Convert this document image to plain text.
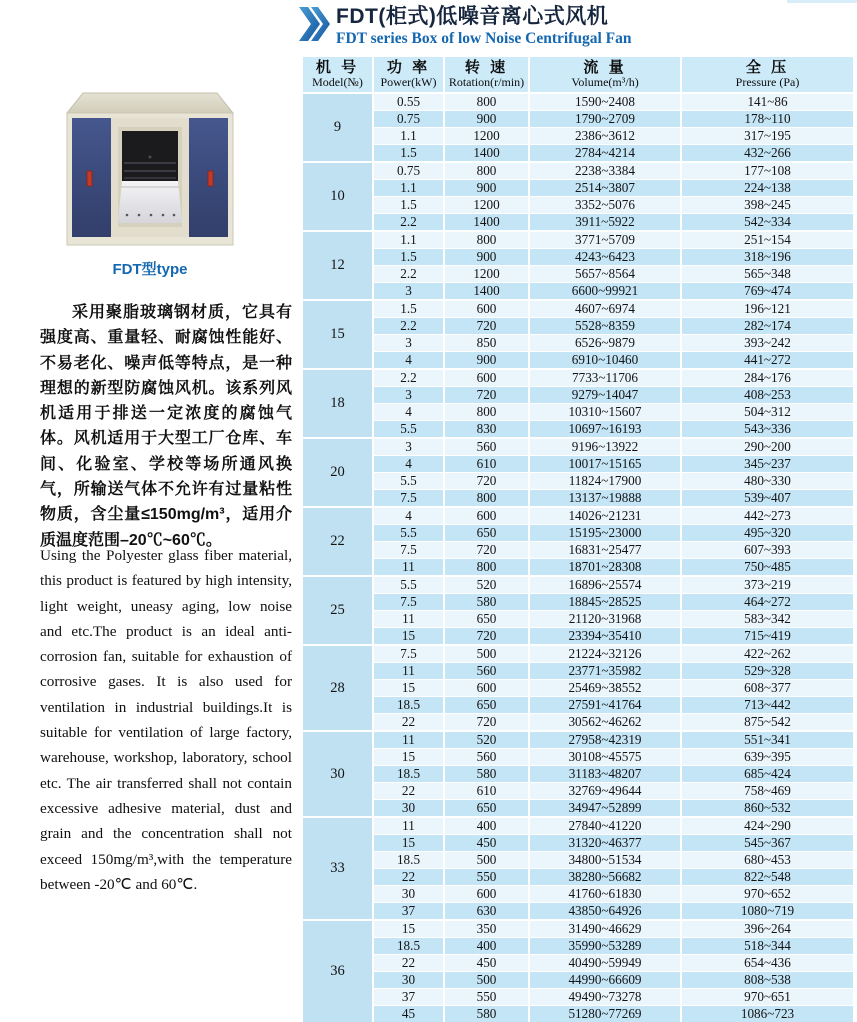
FDT(柜式)低噪音离心式风机
FDT series Box of low Noise Centrifugal Fan
FDT型type

采用聚脂玻璃钢材质，它具有强度高、重量轻、耐腐蚀性能好、不易老化、噪声低等特点，是一种理想的新型防腐蚀风机。该系列风机适用于排送一定浓度的腐蚀气体。风机适用于大型工厂仓库、车间、化验室、学校等场所通风换气，所输送气体不允许有过量粘性物质，含尘量≤150mg/m³，适用介质温度范围–20℃~60℃。

Using the Polyester glass fiber material, this product is featured by high intensity, light weight, uneasy aging, low noise and etc.The product is an ideal anti-corrosion fan, suitable for exhaustion of corrosive gases. It is also used for ventilation in industrial buildings.It is suitable for ventilation of large factory, warehouse, workshop, laboratory, school etc. The air transferred shall not contain excessive adhesive material, dust and grain and the concentration shall not exceed 150mg/m³,with the temperature between -20℃ and 60℃.

机 号
Model(№)
功 率
Power(kW)
转 速
Rotation(r/min)
流 量
Volume(m³/h)
全 压
Pressure (Pa)
9
0.55	800	1590~2408	141~86
0.75	900	1790~2709	178~110
1.1	1200	2386~3612	317~195
1.5	1400	2784~4214	432~266
10
0.75	800	2238~3384	177~108
1.1	900	2514~3807	224~138
1.5	1200	3352~5076	398~245
2.2	1400	3911~5922	542~334
12
1.1	800	3771~5709	251~154
1.5	900	4243~6423	318~196
2.2	1200	5657~8564	565~348
3	1400	6600~99921	769~474
15
1.5	600	4607~6974	196~121
2.2	720	5528~8359	282~174
3	850	6526~9879	393~242
4	900	6910~10460	441~272
18
2.2	600	7733~11706	284~176
3	720	9279~14047	408~253
4	800	10310~15607	504~312
5.5	830	10697~16193	543~336
20
3	560	9196~13922	290~200
4	610	10017~15165	345~237
5.5	720	11824~17900	480~330
7.5	800	13137~19888	539~407
22
4	600	14026~21231	442~273
5.5	650	15195~23000	495~320
7.5	720	16831~25477	607~393
11	800	18701~28308	750~485
25
5.5	520	16896~25574	373~219
7.5	580	18845~28525	464~272
11	650	21120~31968	583~342
15	720	23394~35410	715~419
28
7.5	500	21224~32126	422~262
11	560	23771~35982	529~328
15	600	25469~38552	608~377
18.5	650	27591~41764	713~442
22	720	30562~46262	875~542
30
11	520	27958~42319	551~341
15	560	30108~45575	639~395
18.5	580	31183~48207	685~424
22	610	32769~49644	758~469
30	650	34947~52899	860~532
33
11	400	27840~41220	424~290
15	450	31320~46377	545~367
18.5	500	34800~51534	680~453
22	550	38280~56682	822~548
30	600	41760~61830	970~652
37	630	43850~64926	1080~719
36
15	350	31490~46629	396~264
18.5	400	35990~53289	518~344
22	450	40490~59949	654~436
30	500	44990~66609	808~538
37	550	49490~73278	970~651
45	580	51280~77269	1086~723
